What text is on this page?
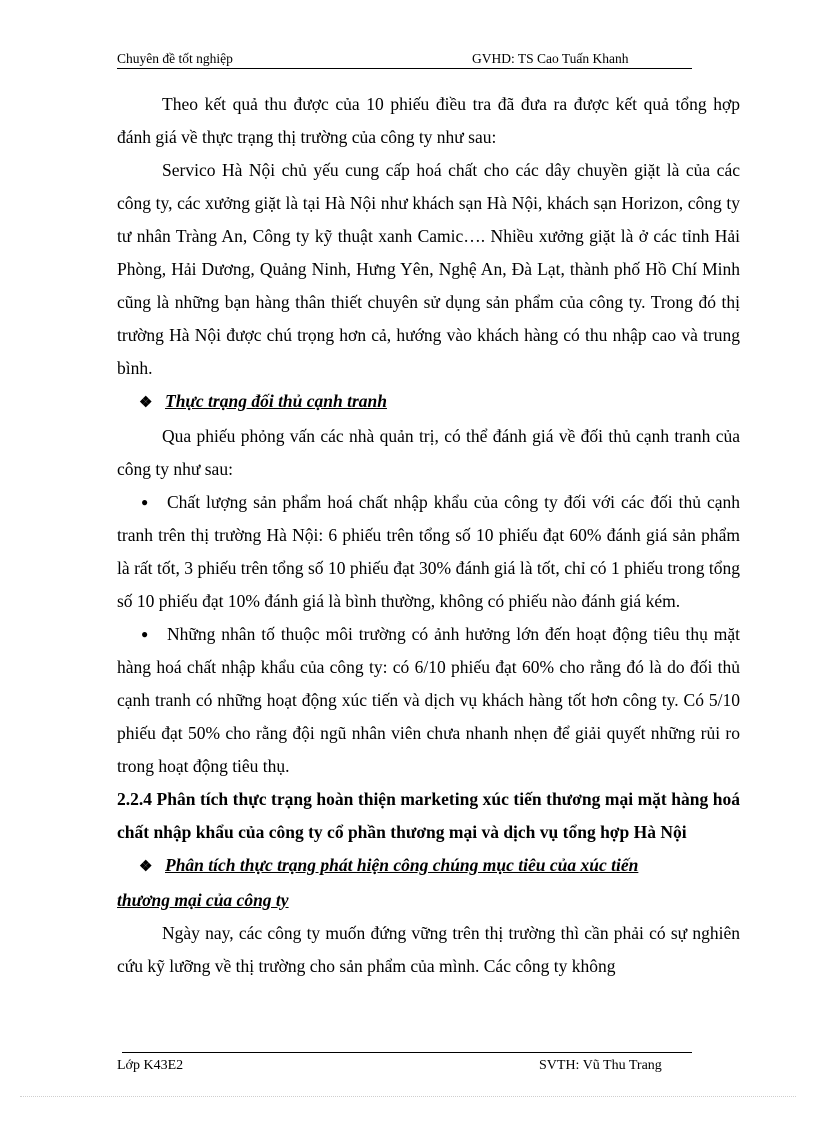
Chuyên đề tốt nghiệp	GVHD: TS Cao Tuấn Khanh

Theo kết quả thu được của 10 phiếu điều tra đã đưa ra được kết quả tổng hợp đánh giá về thực trạng thị trường của công ty như sau:

Servico Hà Nội chủ yếu cung cấp hoá chất cho các dây chuyền giặt là của các công ty, các xưởng giặt là tại Hà Nội như khách sạn Hà Nội, khách sạn Horizon, công ty tư nhân Tràng An, Công ty kỹ thuật xanh Camic…. Nhiều xưởng giặt là ở các tỉnh Hải Phòng, Hải Dương, Quảng Ninh, Hưng Yên, Nghệ An, Đà Lạt, thành phố Hồ Chí Minh cũng là những bạn hàng thân thiết chuyên sử dụng sản phẩm của công ty. Trong đó thị trường Hà Nội được chú trọng hơn cả, hướng vào khách hàng có thu nhập cao và trung bình.

❖ Thực trạng đối thủ cạnh tranh

Qua phiếu phỏng vấn các nhà quản trị, có thể đánh giá về đối thủ cạnh tranh của công ty như sau:

● Chất lượng sản phẩm hoá chất nhập khẩu của công ty đối với các đối thủ cạnh tranh trên thị trường Hà Nội: 6 phiếu trên tổng số 10 phiếu đạt 60% đánh giá sản phẩm là rất tốt, 3 phiếu trên tổng số 10 phiếu đạt 30% đánh giá là tốt, chỉ có 1 phiếu trong tổng số 10 phiếu đạt 10% đánh giá là bình thường, không có phiếu nào đánh giá kém.

● Những nhân tố thuộc môi trường có ảnh hưởng lớn đến hoạt động tiêu thụ mặt hàng hoá chất nhập khẩu của công ty: có 6/10 phiếu đạt 60% cho rằng đó là do đối thủ cạnh tranh có những hoạt động xúc tiến và dịch vụ khách hàng tốt hơn công ty. Có 5/10 phiếu đạt 50% cho rằng đội ngũ nhân viên chưa nhanh nhẹn để giải quyết những rủi ro trong hoạt động tiêu thụ.

2.2.4 Phân tích thực trạng hoàn thiện marketing xúc tiến thương mại mặt hàng hoá chất nhập khẩu của công ty cổ phần thương mại và dịch vụ tổng hợp Hà Nội

❖ Phân tích thực trạng phát hiện công chúng mục tiêu của xúc tiến

thương mại của công ty

Ngày nay, các công ty muốn đứng vững trên thị trường thì cần phải có sự nghiên cứu kỹ lưỡng về thị trường cho sản phẩm của mình. Các công ty không

Lớp K43E2	SVTH: Vũ Thu Trang
